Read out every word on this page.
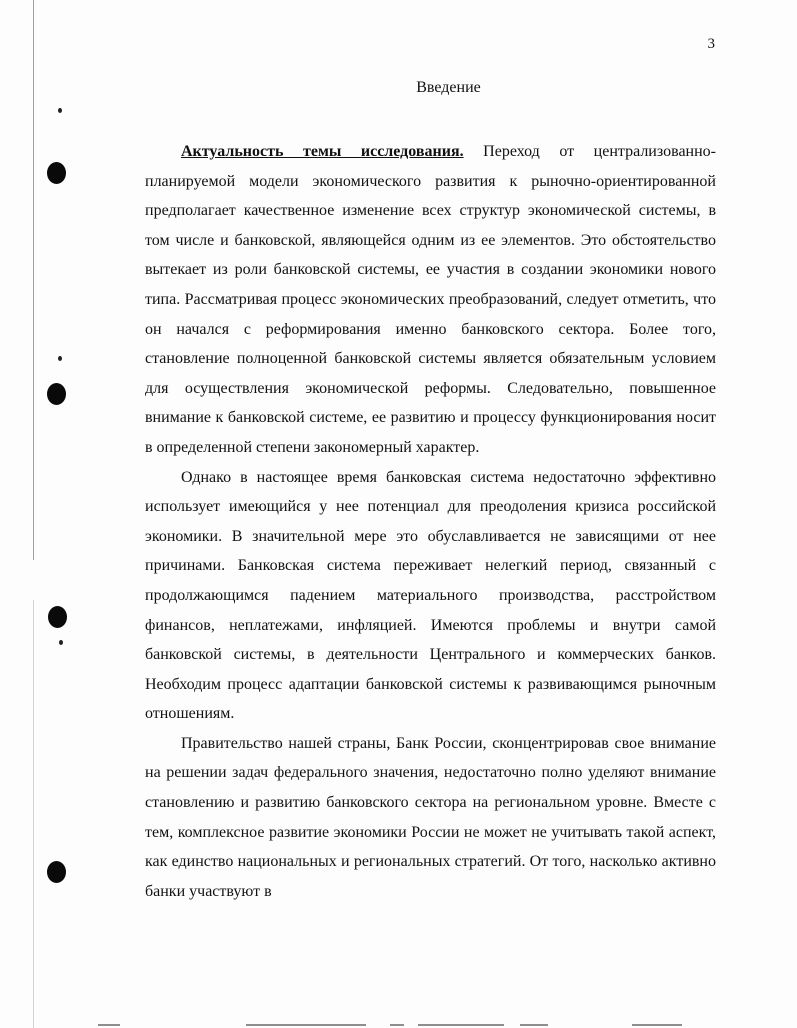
3
Введение

Актуальность темы исследования. Переход от централизованно-планируемой модели экономического развития к рыночно-ориентированной предполагает качественное изменение всех структур экономической системы, в том числе и банковской, являющейся одним из ее элементов. Это обстоятельство вытекает из роли банковской системы, ее участия в создании экономики нового типа. Рассматривая процесс экономических преобразований, следует отметить, что он начался с реформирования именно банковского сектора. Более того, становление полноценной банковской системы является обязательным условием для осуществления экономической реформы. Следовательно, повышенное внимание к банковской системе, ее развитию и процессу функционирования носит в определенной степени закономерный характер.

Однако в настоящее время банковская система недостаточно эффективно использует имеющийся у нее потенциал для преодоления кризиса российской экономики. В значительной мере это обуславливается не зависящими от нее причинами. Банковская система переживает нелегкий период, связанный с продолжающимся падением материального производства, расстройством финансов, неплатежами, инфляцией. Имеются проблемы и внутри самой банковской системы, в деятельности Центрального и коммерческих банков. Необходим процесс адаптации банковской системы к развивающимся рыночным отношениям.

Правительство нашей страны, Банк России, сконцентрировав свое внимание на решении задач федерального значения, недостаточно полно уделяют внимание становлению и развитию банковского сектора на региональном уровне. Вместе с тем, комплексное развитие экономики России не может не учитывать такой аспект, как единство национальных и региональных стратегий. От того, насколько активно банки участвуют в
